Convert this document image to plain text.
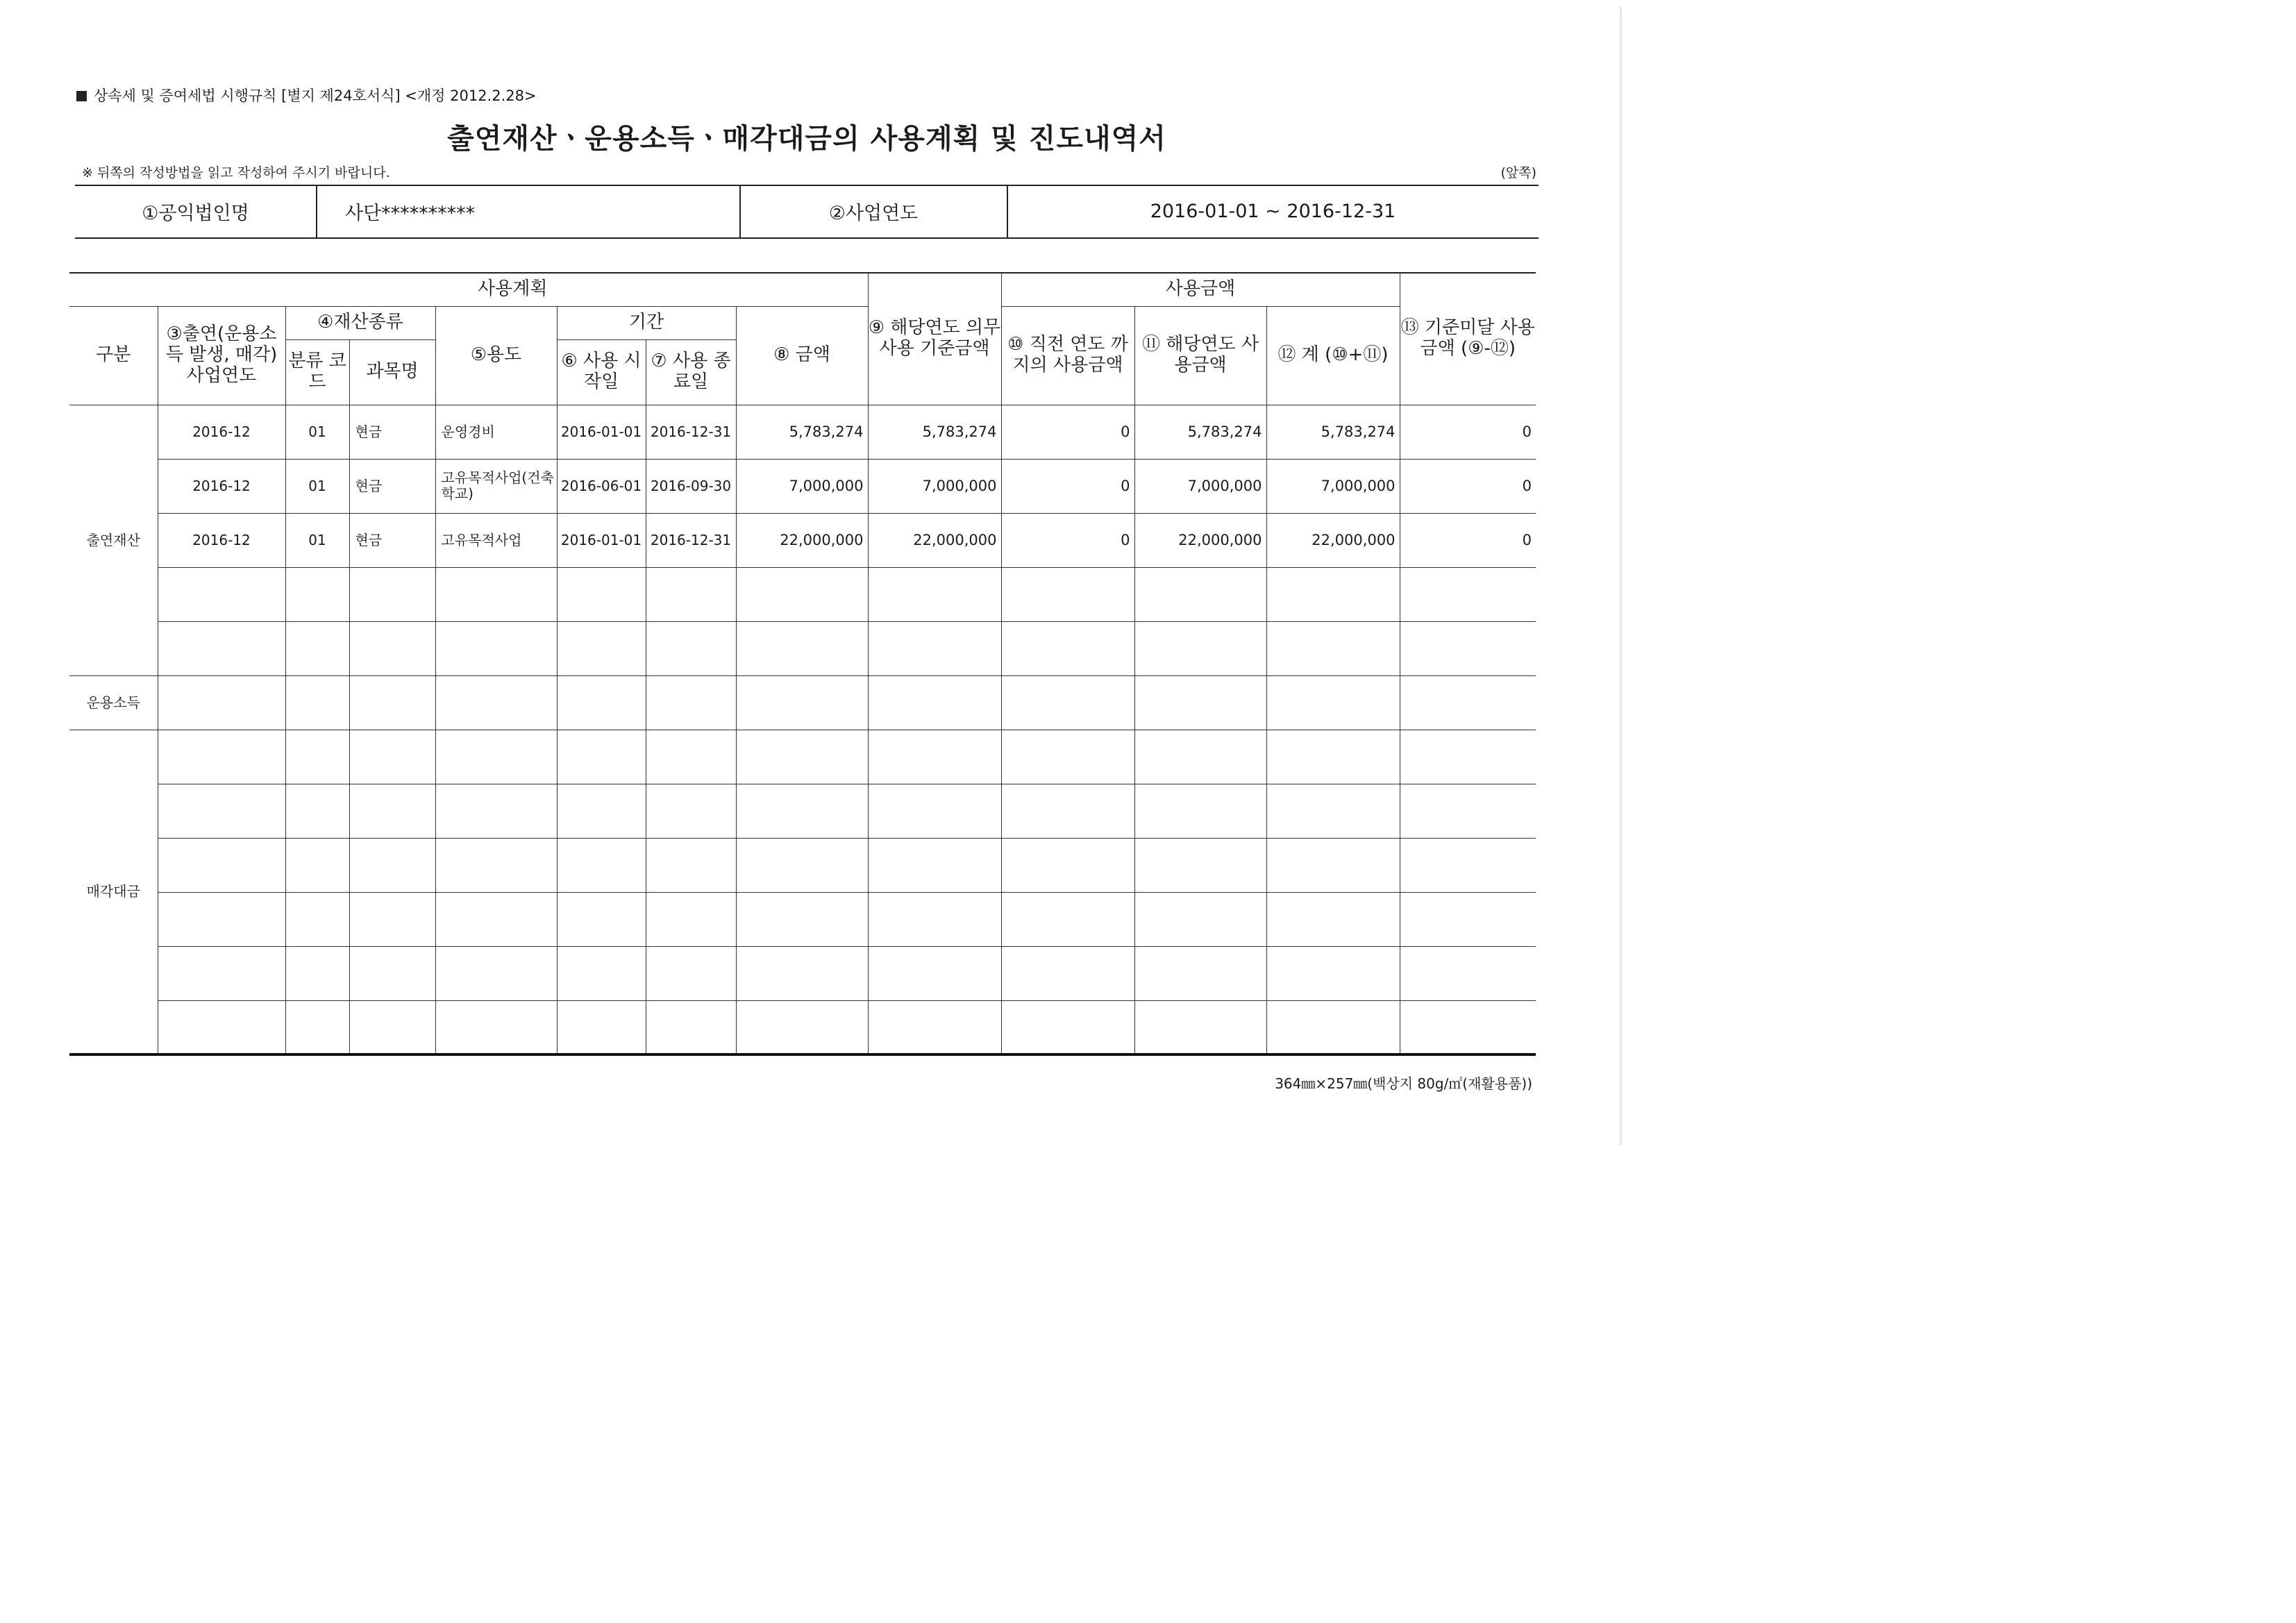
상속세 및 증여세법 시행규칙 [별지 제24호서식] <개정 2012.2.28>
출연재산ㆍ운용소득ㆍ매각대금의 사용계획 및 진도내역서
※ 뒤쪽의 작성방법을 읽고 작성하여 주시기 바랍니다.	(앞쪽)
①공익법인명	사단**********	②사업연도	2016-01-01 ~ 2016-12-31
	사용계획							⑨ 해당연도 의무사용 기준금액	사용금액			⑬ 기준미달 사용금액 (⑨-⑫)
구분	③출연(운용소득 발생, 매각) 사업연도	④재산종류		⑤용도	기간		⑧ 금액		⑩ 직전 연도 까지의 사용금액	⑪ 해당연도 사용금액	⑫ 계 (⑩+⑪)	
		분류 코드	과목명		⑥ 사용 시작일	⑦ 사용 종료일						
출연재산	2016-12	01	현금	운영경비	2016-01-01	2016-12-31	5,783,274	5,783,274	0	5,783,274	5,783,274	0
	2016-12	01	현금	고유목적사업(건축학교)	2016-06-01	2016-09-30	7,000,000	7,000,000	0	7,000,000	7,000,000	0
	2016-12	01	현금	고유목적사업	2016-01-01	2016-12-31	22,000,000	22,000,000	0	22,000,000	22,000,000	0

운용소득												
매각대금												

364㎜×257㎜(백상지 80g/㎡(재활용품))
